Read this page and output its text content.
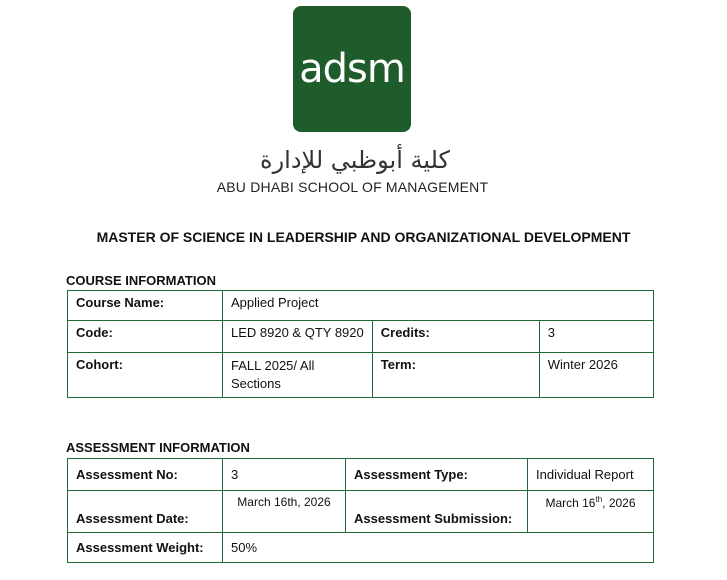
adsm
كلية أبوظبي للإدارة
ABU DHABI SCHOOL OF MANAGEMENT
MASTER OF SCIENCE IN LEADERSHIP AND ORGANIZATIONAL DEVELOPMENT
COURSE INFORMATION
Course Name:	Applied Project		
Code:	LED 8920 & QTY 8920	Credits:	3
Cohort:	FALL 2025/ All Sections	Term:	Winter 2026
ASSESSMENT INFORMATION
Assessment No:	3	Assessment Type:	Individual Report
Assessment Date:	March 16th, 2026	Assessment Submission:	March 16th, 2026
Assessment Weight:	50%		
